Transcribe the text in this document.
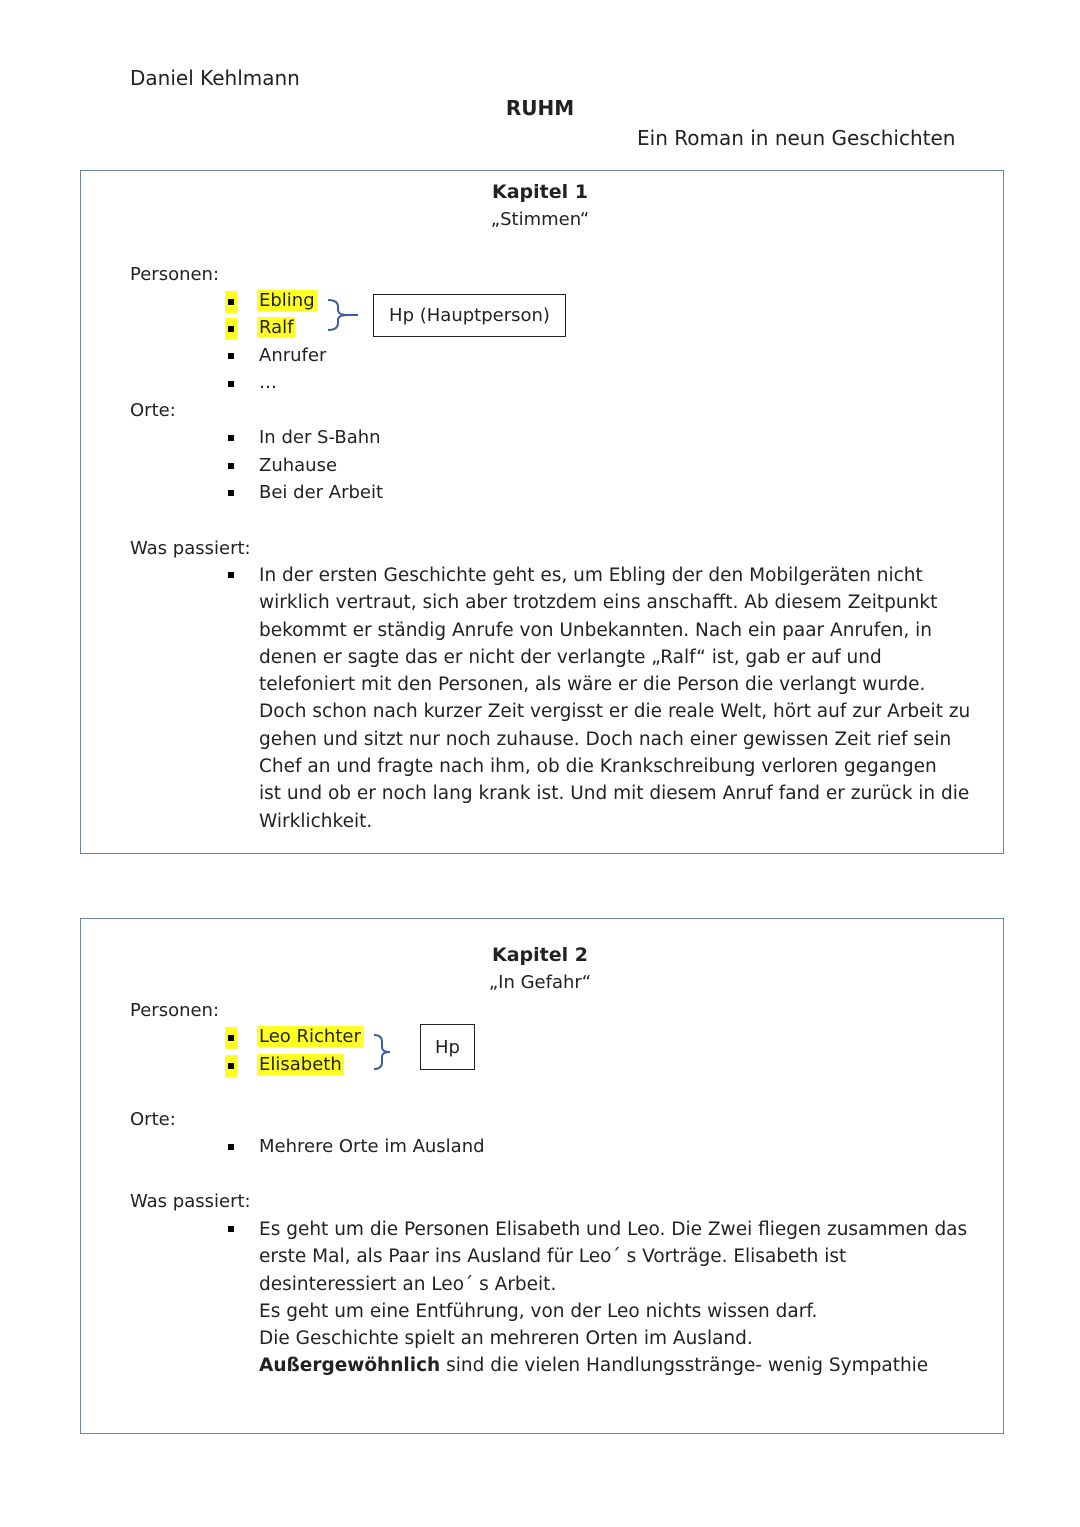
Daniel Kehlmann
RUHM
Ein Roman in neun Geschichten
Kapitel 1
„Stimmen“
Personen:
Ebling
Ralf
Anrufer
…
Hp (Hauptperson)
Orte:
In der S-Bahn
Zuhause
Bei der Arbeit
Was passiert:

In der ersten Geschichte geht es, um Ebling der den Mobilgeräten nicht

wirklich vertraut, sich aber trotzdem eins anschafft. Ab diesem Zeitpunkt

bekommt er ständig Anrufe von Unbekannten. Nach ein paar Anrufen, in

denen er sagte das er nicht der verlangte „Ralf“ ist, gab er auf und

telefoniert mit den Personen, als wäre er die Person die verlangt wurde.

Doch schon nach kurzer Zeit vergisst er die reale Welt, hört auf zur Arbeit zu

gehen und sitzt nur noch zuhause. Doch nach einer gewissen Zeit rief sein

Chef an und fragte nach ihm, ob die Krankschreibung verloren gegangen

ist und ob er noch lang krank ist. Und mit diesem Anruf fand er zurück in die

Wirklichkeit.

Kapitel 2
„In Gefahr“
Personen:
Leo Richter
Elisabeth
Hp
Orte:
Mehrere Orte im Ausland
Was passiert:

Es geht um die Personen Elisabeth und Leo. Die Zwei fliegen zusammen das

erste Mal, als Paar ins Ausland für Leo´ s Vorträge. Elisabeth ist

desinteressiert an Leo´ s Arbeit.

Es geht um eine Entführung, von der Leo nichts wissen darf.

Die Geschichte spielt an mehreren Orten im Ausland.

Außergewöhnlich sind die vielen Handlungsstränge- wenig Sympathie
